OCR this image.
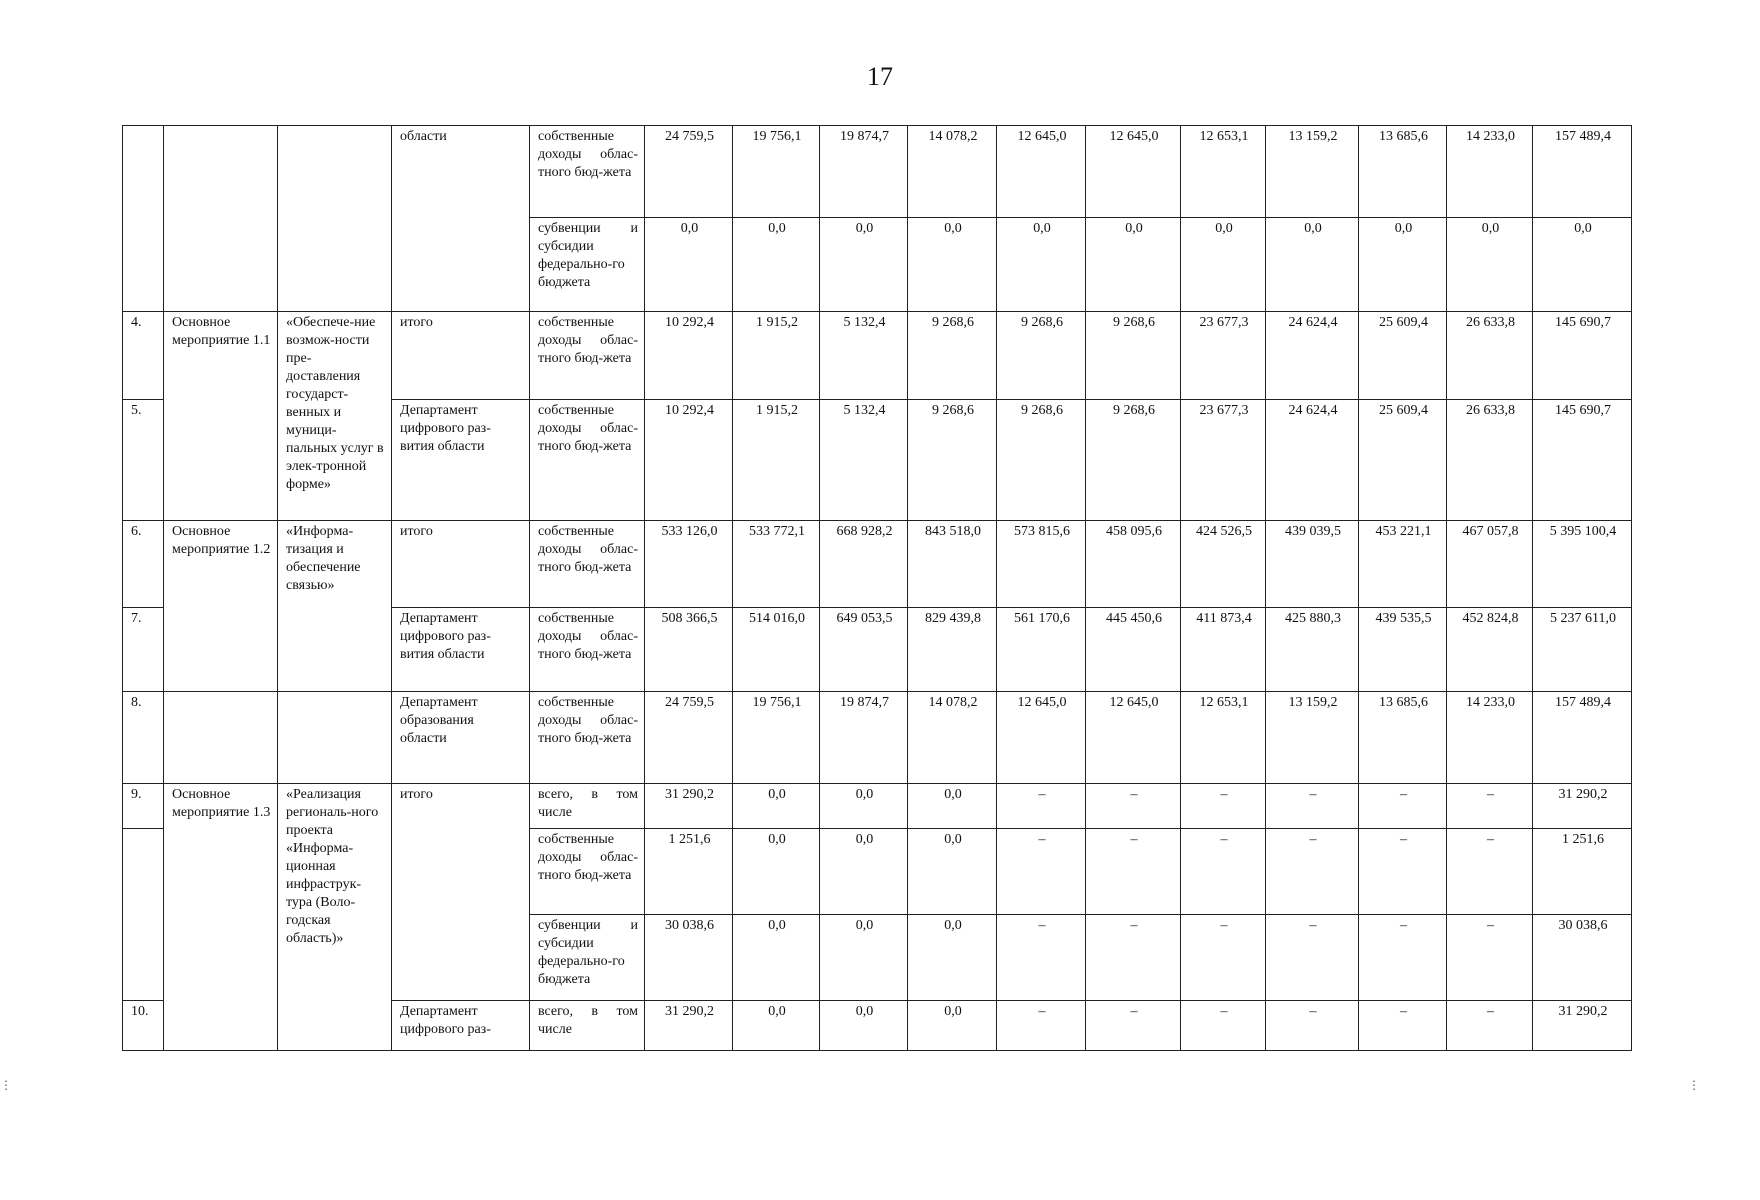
17
			области	собственные доходы облас-тного бюд-жета	24 759,5	19 756,1	19 874,7	14 078,2	12 645,0	12 645,0	12 653,1	13 159,2	13 685,6	14 233,0	157 489,4
				субвенции и субсидии федерально-го бюджета	0,0	0,0	0,0	0,0	0,0	0,0	0,0	0,0	0,0	0,0	0,0
4.	Основное мероприятие 1.1	«Обеспече-ние возмож-ности пре-доставления государст-венных и муници-пальных услуг в элек-тронной форме»	итого	собственные доходы облас-тного бюд-жета	10 292,4	1 915,2	5 132,4	9 268,6	9 268,6	9 268,6	23 677,3	24 624,4	25 609,4	26 633,8	145 690,7
5.			Департамент цифрового раз-вития области	собственные доходы облас-тного бюд-жета	10 292,4	1 915,2	5 132,4	9 268,6	9 268,6	9 268,6	23 677,3	24 624,4	25 609,4	26 633,8	145 690,7
6.	Основное мероприятие 1.2	«Информа-тизация и обеспечение связью»	итого	собственные доходы облас-тного бюд-жета	533 126,0	533 772,1	668 928,2	843 518,0	573 815,6	458 095,6	424 526,5	439 039,5	453 221,1	467 057,8	5 395 100,4
7.			Департамент цифрового раз-вития области	собственные доходы облас-тного бюд-жета	508 366,5	514 016,0	649 053,5	829 439,8	561 170,6	445 450,6	411 873,4	425 880,3	439 535,5	452 824,8	5 237 611,0
8.			Департамент образования области	собственные доходы облас-тного бюд-жета	24 759,5	19 756,1	19 874,7	14 078,2	12 645,0	12 645,0	12 653,1	13 159,2	13 685,6	14 233,0	157 489,4
9.	Основное мероприятие 1.3	«Реализация региональ-ного проекта «Информа-ционная инфраструк-тура (Воло-годская область)»	итого	всего, в том числе	31 290,2	0,0	0,0	0,0	–	–	–	–	–	–	31 290,2
				собственные доходы облас-тного бюд-жета	1 251,6	0,0	0,0	0,0	–	–	–	–	–	–	1 251,6
				субвенции и субсидии федерально-го бюджета	30 038,6	0,0	0,0	0,0	–	–	–	–	–	–	30 038,6
10.			Департамент цифрового раз-	всего, в том числе	31 290,2	0,0	0,0	0,0	–	–	–	–	–	–	31 290,2
⋮	⋮
